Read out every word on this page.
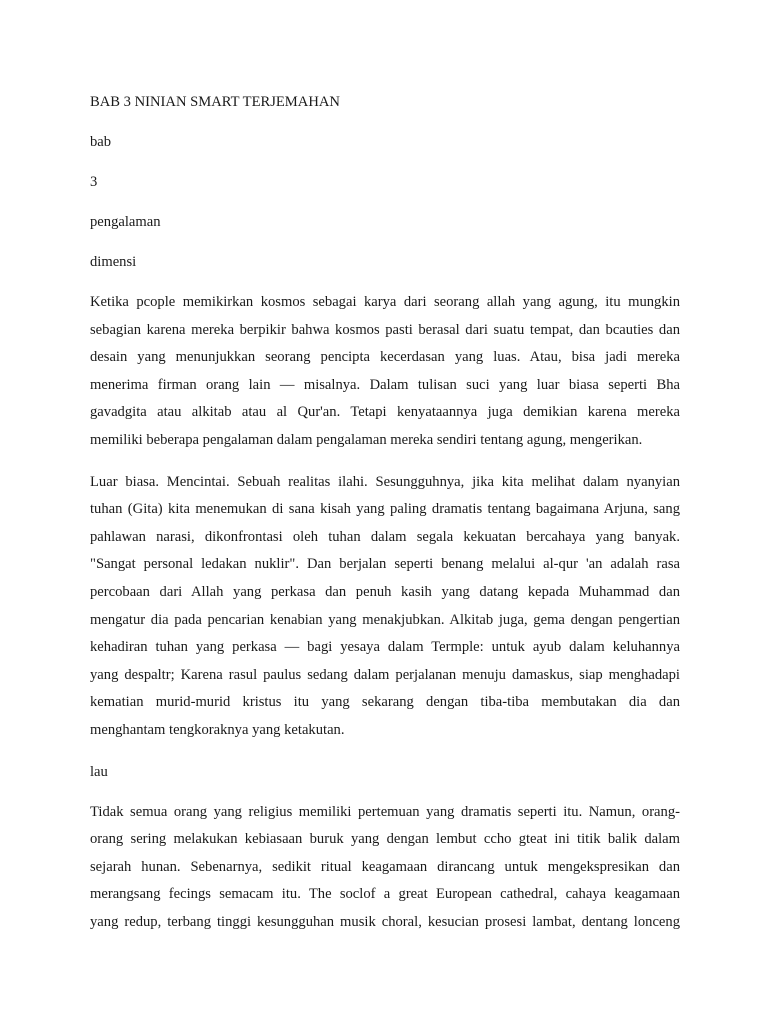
BAB 3 NINIAN SMART TERJEMAHAN

bab

3

pengalaman

dimensi

Ketika pcople memikirkan kosmos sebagai karya dari seorang allah yang agung, itu mungkin
sebagian karena mereka berpikir bahwa kosmos pasti berasal dari suatu tempat, dan bcauties dan
desain yang menunjukkan seorang pencipta kecerdasan yang luas. Atau, bisa jadi mereka
menerima firman orang lain — misalnya. Dalam tulisan suci yang luar biasa seperti Bha
gavadgita atau alkitab atau al Qur'an. Tetapi kenyataannya juga demikian karena mereka
memiliki beberapa pengalaman dalam pengalaman mereka sendiri tentang agung, mengerikan.

Luar biasa. Mencintai. Sebuah realitas ilahi. Sesungguhnya, jika kita melihat dalam nyanyian
tuhan (Gita) kita menemukan di sana kisah yang paling dramatis tentang bagaimana Arjuna, sang
pahlawan narasi, dikonfrontasi oleh tuhan dalam segala kekuatan bercahaya yang banyak.
"Sangat personal ledakan nuklir". Dan berjalan seperti benang melalui al-qur 'an adalah rasa
percobaan dari Allah yang perkasa dan penuh kasih yang datang kepada Muhammad dan
mengatur dia pada pencarian kenabian yang menakjubkan. Alkitab juga, gema dengan pengertian
kehadiran tuhan yang perkasa — bagi yesaya dalam Termple: untuk ayub dalam keluhannya
yang despaltr; Karena rasul paulus sedang dalam perjalanan menuju damaskus, siap menghadapi
kematian murid-murid kristus itu yang sekarang dengan tiba-tiba membutakan dia dan
menghantam tengkoraknya yang ketakutan.

lau

Tidak semua orang yang religius memiliki pertemuan yang dramatis seperti itu. Namun, orang-
orang sering melakukan kebiasaan buruk yang dengan lembut ccho gteat ini titik balik dalam
sejarah hunan. Sebenarnya, sedikit ritual keagamaan dirancang untuk mengekspresikan dan
merangsang fecings semacam itu. The soclof a great European cathedral, cahaya keagamaan
yang redup, terbang tinggi kesungguhan musik choral, kesucian prosesi lambat, dentang lonceng
